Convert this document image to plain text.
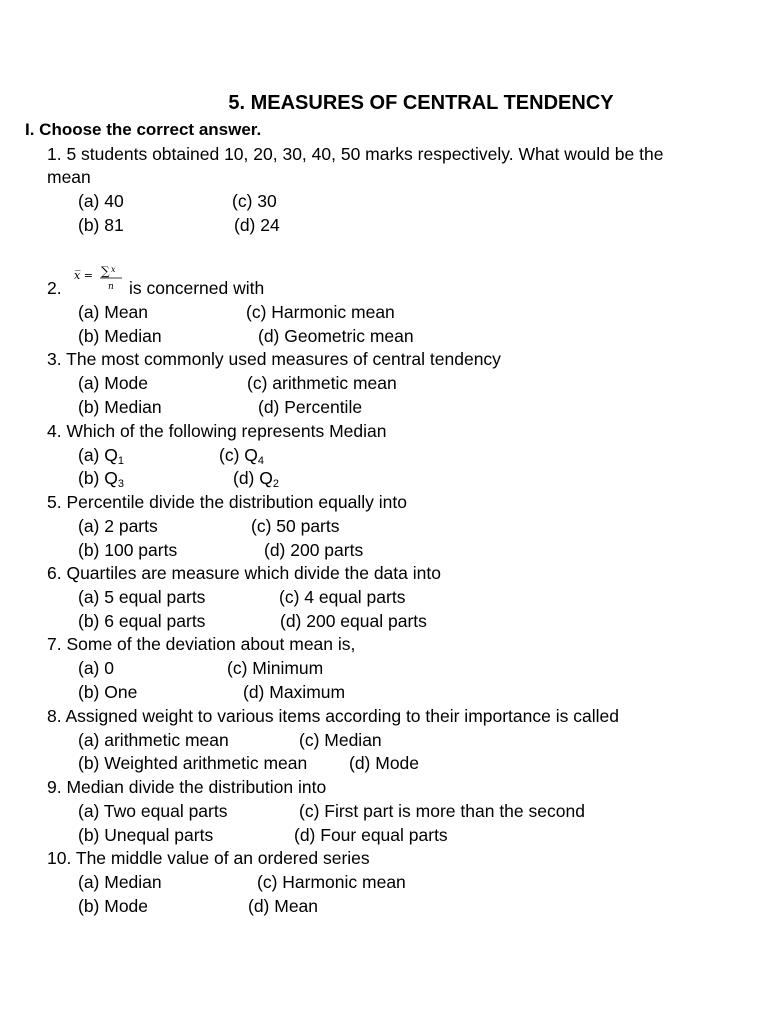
5. MEASURES OF CENTRAL TENDENCY
I. Choose the correct answer.
1. 5 students obtained 10, 20, 30, 40, 50 marks respectively. What would be the
mean
(a) 40	(c) 30
(b) 81	(d) 24
x̅ = ∑ x
n
2.	is concerned with
(a) Mean	(c) Harmonic mean
(b) Median	(d) Geometric mean
3. The most commonly used measures of central tendency
(a) Mode	(c) arithmetic mean
(b) Median	(d) Percentile
4. Which of the following represents Median
(a) $Q_1$	(c) $Q_4$
(b) $Q_3$	(d) $Q_2$
5. Percentile divide the distribution equally into
(a) 2 parts	(c) 50 parts
(b) 100 parts	(d) 200 parts
6. Quartiles are measure which divide the data into
(a) 5 equal parts	(c) 4 equal parts
(b) 6 equal parts	(d) 200 equal parts
7. Some of the deviation about mean is,
(a) 0	(c) Minimum
(b) One	(d) Maximum
8. Assigned weight to various items according to their importance is called
(a) arithmetic mean	(c) Median
(b) Weighted arithmetic mean (d) Mode
9. Median divide the distribution into
(a) Two equal parts	(c) First part is more than the second
(b) Unequal parts	(d) Four equal parts
10. The middle value of an ordered series
(a) Median	(c) Harmonic mean
(b) Mode	(d) Mean
